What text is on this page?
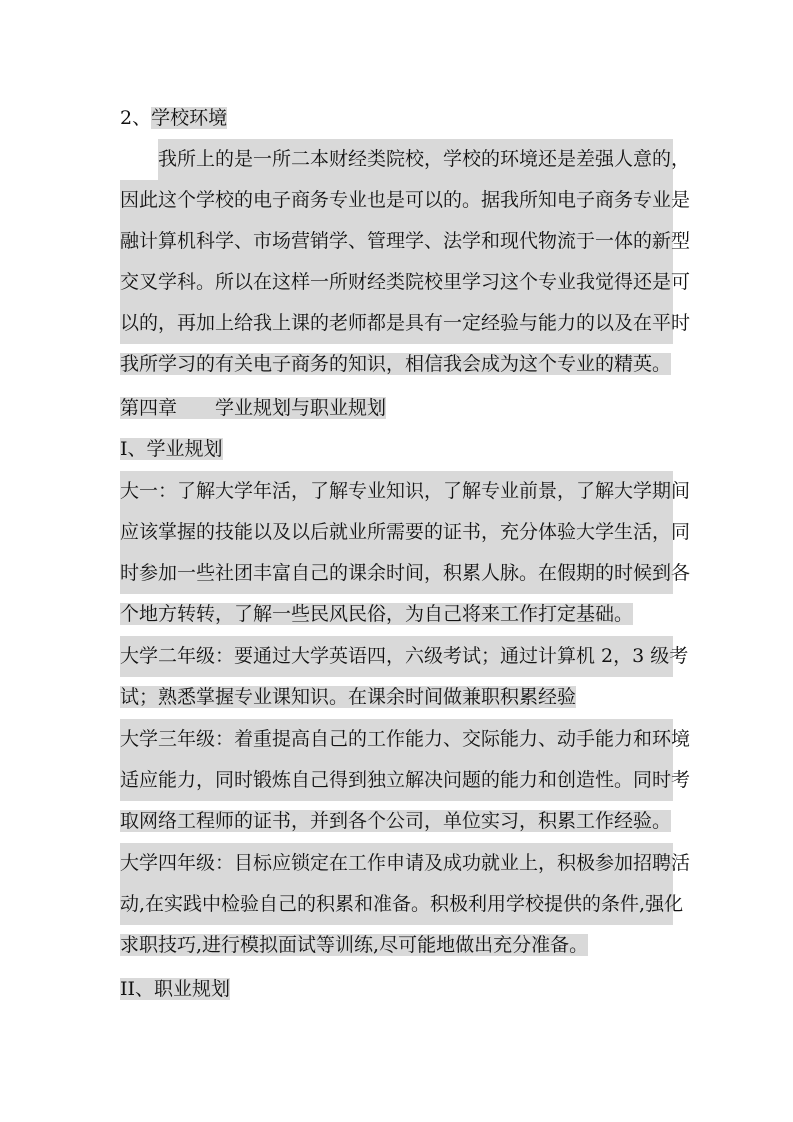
2、学校环境
我所上的是一所二本财经类院校，学校的环境还是差强人意的，
因此这个学校的电子商务专业也是可以的。据我所知电子商务专业是
融计算机科学、市场营销学、管理学、法学和现代物流于一体的新型
交叉学科。所以在这样一所财经类院校里学习这个专业我觉得还是可
以的，再加上给我上课的老师都是具有一定经验与能力的以及在平时
我所学习的有关电子商务的知识，相信我会成为这个专业的精英。
第四章　　学业规划与职业规划
I、学业规划
大一：了解大学年活，了解专业知识，了解专业前景，了解大学期间
应该掌握的技能以及以后就业所需要的证书，充分体验大学生活，同
时参加一些社团丰富自己的课余时间，积累人脉。在假期的时候到各
个地方转转，了解一些民风民俗，为自己将来工作打定基础。
大学二年级：要通过大学英语四，六级考试；通过计算机 2，3 级考
试；熟悉掌握专业课知识。在课余时间做兼职积累经验
大学三年级：着重提高自己的工作能力、交际能力、动手能力和环境
适应能力，同时锻炼自己得到独立解决问题的能力和创造性。同时考
取网络工程师的证书，并到各个公司，单位实习，积累工作经验。
大学四年级：目标应锁定在工作申请及成功就业上，积极参加招聘活
动,在实践中检验自己的积累和准备。积极利用学校提供的条件,强化
求职技巧,进行模拟面试等训练,尽可能地做出充分准备。
II、职业规划
